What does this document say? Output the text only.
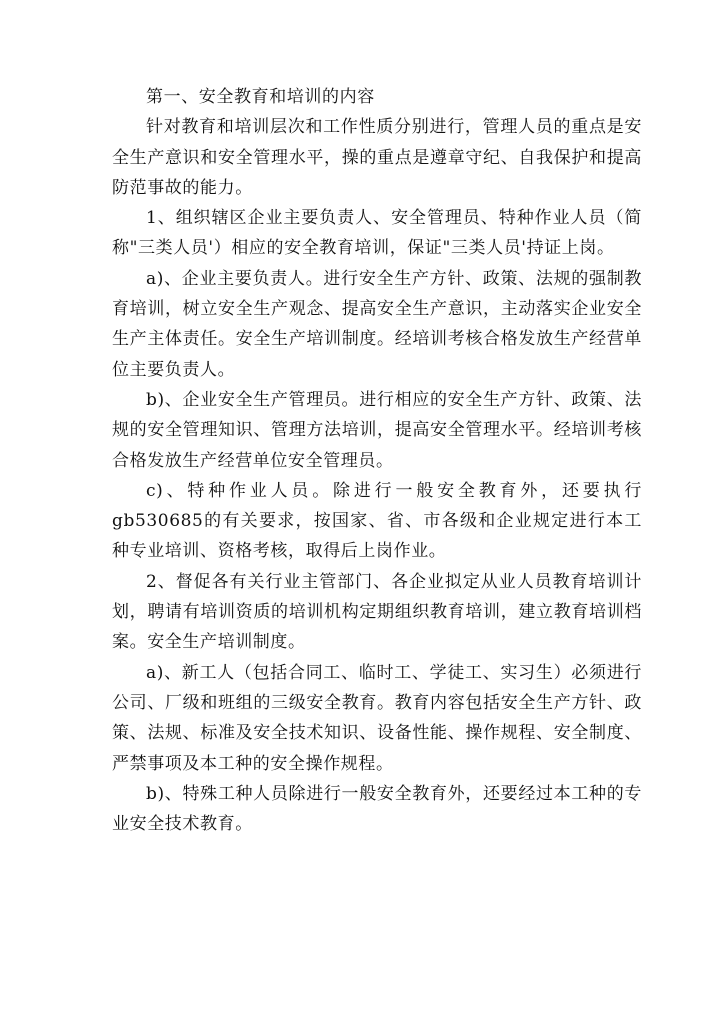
第一、安全教育和培训的内容

针对教育和培训层次和工作性质分别进行，管理人员的重点是安全生产意识和安全管理水平，操的重点是遵章守纪、自我保护和提高防范事故的能力。

1、组织辖区企业主要负责人、安全管理员、特种作业人员（简称"三类人员'）相应的安全教育培训，保证"三类人员'持证上岗。

a)、企业主要负责人。进行安全生产方针、政策、法规的强制教育培训，树立安全生产观念、提高安全生产意识，主动落实企业安全生产主体责任。安全生产培训制度。经培训考核合格发放生产经营单位主要负责人。

b)、企业安全生产管理员。进行相应的安全生产方针、政策、法规的安全管理知识、管理方法培训，提高安全管理水平。经培训考核合格发放生产经营单位安全管理员。

c)、特种作业人员。除进行一般安全教育外，还要执行gb530685的有关要求，按国家、省、市各级和企业规定进行本工种专业培训、资格考核，取得后上岗作业。

2、督促各有关行业主管部门、各企业拟定从业人员教育培训计划，聘请有培训资质的培训机构定期组织教育培训，建立教育培训档案。安全生产培训制度。

a)、新工人（包括合同工、临时工、学徒工、实习生）必须进行公司、厂级和班组的三级安全教育。教育内容包括安全生产方针、政策、法规、标准及安全技术知识、设备性能、操作规程、安全制度、严禁事项及本工种的安全操作规程。

b)、特殊工种人员除进行一般安全教育外，还要经过本工种的专业安全技术教育。
